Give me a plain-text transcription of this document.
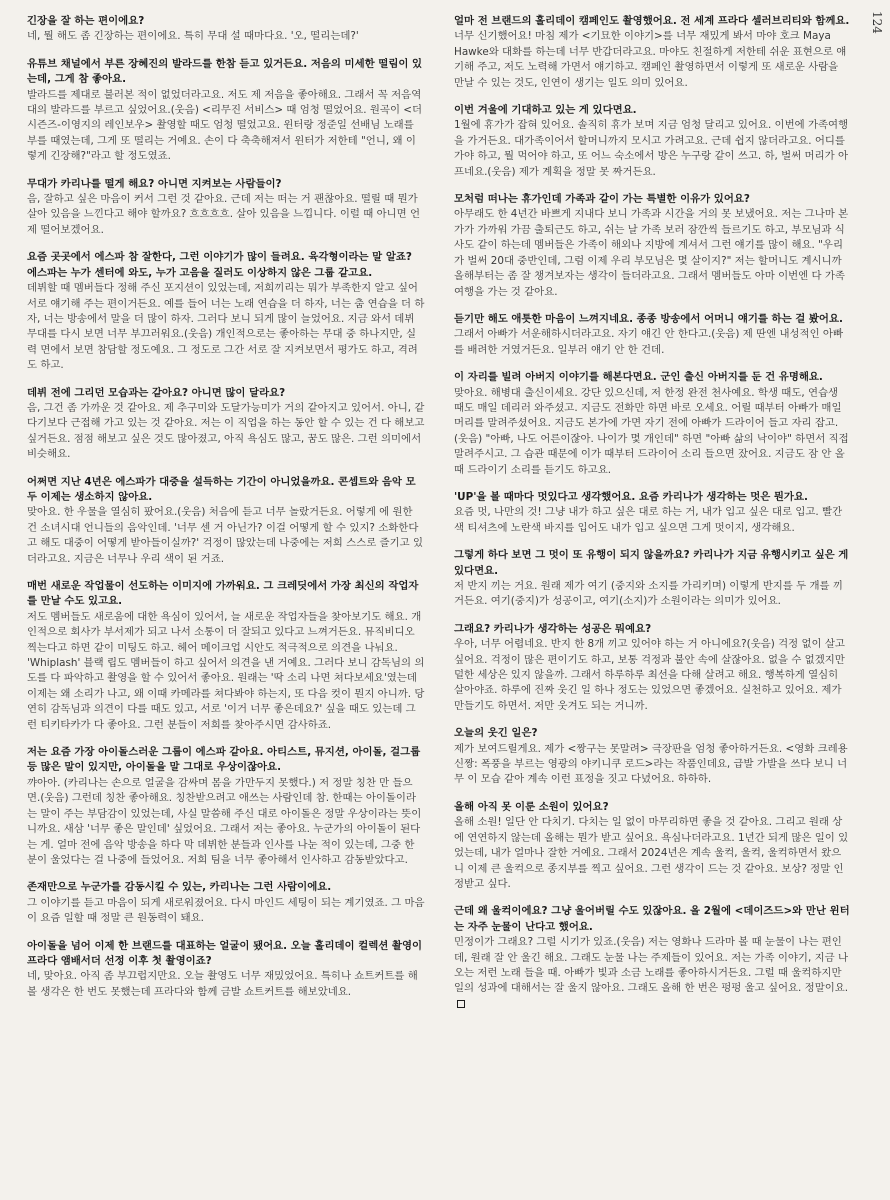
124

긴장을 잘 하는 편이에요?

네, 뭘 해도 좀 긴장하는 편이에요. 특히 무대 설 때마다요. '오, 떨리는데?'

유튜브 채널에서 부른 장혜진의 발라드를 한참 듣고 있거든요. 저음의 미세한 떨림이 있는데, 그게 참 좋아요.

발라드를 제대로 불러본 적이 없었더라고요. 저도 제 저음을 좋아해요. 그래서 꼭 저음역대의 발라드를 부르고 싶었어요.(웃음) <리무진 서비스> 때 엄청 떨었어요. 원곡이 <더 시즌즈-이영지의 레인보우> 촬영할 때도 엄청 떨었고요. 윈터랑 정준일 선배님 노래를 부를 때였는데, 그게 또 떨리는 거예요. 손이 다 축축해져서 윈터가 저한테 "언니, 왜 이렇게 긴장해?"라고 할 정도였죠.

무대가 카리나를 떨게 해요? 아니면 지켜보는 사람들이?

음, 잘하고 싶은 마음이 커서 그런 것 같아요. 근데 저는 떠는 거 괜찮아요. 떨릴 때 뭔가 살아 있음을 느낀다고 해야 할까요? 흐흐흐흐. 살아 있음을 느낍니다. 이럴 때 아니면 언제 떨어보겠어요.

요즘 곳곳에서 에스파 참 잘한다, 그런 이야기가 많이 들려요. 육각형이라는 말 알죠? 에스파는 누가 센터에 와도, 누가 고음을 질러도 이상하지 않은 그룹 같고요.

데뷔할 때 멤버들다 정해 주신 포지션이 있었는데, 저희끼리는 뭐가 부족한지 알고 싶어 서로 얘기해 주는 편이거든요. 예를 들어 너는 노래 연습을 더 하자, 너는 춤 연습을 더 하자, 너는 방송에서 말을 더 많이 하자. 그러다 보니 되게 많이 늘었어요. 지금 와서 데뷔 무대를 다시 보면 너무 부끄러워요.(웃음) 개인적으로는 좋아하는 무대 중 하나지만, 실력 면에서 보면 참담할 정도예요. 그 정도로 그간 서로 잘 지켜보면서 평가도 하고, 격려도 하고.

데뷔 전에 그리던 모습과는 같아요? 아니면 많이 달라요?

음, 그건 좀 가까운 것 같아요. 제 추구미와 도달가능미가 거의 같아지고 있어서. 아니, 같다기보다 근접해 가고 있는 것 같아요. 저는 이 직업을 하는 동안 할 수 있는 건 다 해보고 싶거든요. 점점 해보고 싶은 것도 많아졌고, 아직 욕심도 많고, 꿈도 많은. 그런 의미에서 비슷해요.

어쩌면 지난 4년은 에스파가 대중을 설득하는 기간이 아니었을까요. 콘셉트와 음악 모두 이제는 생소하지 않아요.

맞아요. 한 우물을 열심히 팠어요.(웃음) 처음에 듣고 너무 놀랐거든요. 어렇게 에 원한 건 소녀시대 언니들의 음악인데. '너무 센 거 아닌가? 이걸 어떻게 할 수 있지? 소화한다고 해도 대중이 어떻게 받아들이실까?' 걱정이 많았는데 나중에는 저희 스스로 즐기고 있더라고요. 지금은 너무나 우리 색이 된 거죠.

매번 새로운 작업물이 선도하는 이미지에 가까워요. 그 크레딧에서 가장 최신의 작업자를 만날 수도 있고요.

저도 멤버들도 새로움에 대한 욕심이 있어서, 늘 새로운 작업자들을 찾아보기도 해요. 개인적으로 회사가 부서제가 되고 나서 소통이 더 잘되고 있다고 느껴거든요. 뮤직비디오 찍는다고 하면 같이 미팅도 하고. 헤어 메이크업 시안도 적극적으로 의견을 나눠요. 'Whiplash' 블랙 립도 멤버들이 하고 싶어서 의견을 낸 거예요. 그러다 보니 감독님의 의도를 다 파악하고 촬영을 할 수 있어서 좋아요. 원래는 '딱 소리 나면 쳐다보세요'였는데 이제는 왜 소리가 나고, 왜 이때 카메라를 쳐다봐야 하는지, 또 다음 컷이 뭔지 아니까. 당연히 감독님과 의견이 다를 때도 있고, 서로 '이거 너무 좋은데요?' 싶을 때도 있는데 그런 티키타카가 다 좋아요. 그런 분들이 저희를 찾아주시면 감사하죠.

저는 요즘 가장 아이돌스러운 그룹이 에스파 같아요. 아티스트, 뮤지션, 아이돌, 걸그룹 등 많은 말이 있지만, 아이돌을 말 그대로 우상이잖아요.

꺄아아. (카리나는 손으로 얼굴을 감싸며 몸을 가만두지 못했다.) 저 정말 칭찬 만 들으면.(웃음) 그런데 칭찬 좋아해요. 칭찬받으려고 애쓰는 사람인데 참. 한때는 아이돌이라는 말이 주는 부담감이 있었는데, 사실 말씀해 주신 대로 아이돌은 정말 우상이라는 뜻이니까요. 새삼 '너무 좋은 말인데' 싶었어요. 그래서 저는 좋아요. 누군가의 아이돌이 된다는 게. 얼마 전에 음악 방송을 하다 막 데뷔한 분들과 인사를 나눈 적이 있는데, 그중 한 분이 울었다는 걸 나중에 들었어요. 저희 팀을 너무 좋아해서 인사하고 감동받았다고.

존재만으로 누군가를 감동시킬 수 있는, 카리나는 그런 사람이에요.

그 이야기를 듣고 마음이 되게 새로워졌어요. 다시 마인드 세팅이 되는 계기였죠. 그 마음이 요즘 일할 때 정말 큰 원동력이 돼요.

아이돌을 넘어 이제 한 브랜드를 대표하는 얼굴이 됐어요. 오늘 홀리데이 컬렉션 촬영이 프라다 앰배서더 선정 이후 첫 촬영이죠?

네, 맞아요. 아직 좀 부끄럽지만요. 오늘 촬영도 너무 재밌었어요. 특히나 쇼트커트를 해볼 생각은 한 번도 못했는데 프라다와 함께 금발 쇼트커트를 해보았네요.

얼마 전 브랜드의 홀리데이 캠페인도 촬영했어요. 전 세계 프라다 셀러브리티와 함께요.

너무 신기했어요! 마침 제가 <기묘한 이야기>를 너무 재밌게 봐서 마야 호크 Maya Hawke와 대화를 하는데 너무 반갑더라고요. 마야도 친절하게 저한테 쉬운 표현으로 얘기해 주고, 저도 노력해 가면서 얘기하고. 캠페인 촬영하면서 이렇게 또 새로운 사람을 만날 수 있는 것도, 인연이 생기는 일도 의미 있어요.

이번 겨울에 기대하고 있는 게 있다면요.

1월에 휴가가 잡혀 있어요. 솔직히 휴가 보며 지금 엄청 달리고 있어요. 이번에 가족여행을 가거든요. 대가족이어서 할머니까지 모시고 가려고요. 근데 쉽지 않더라고요. 어디를 가야 하고, 뭘 먹어야 하고, 또 어느 숙소에서 방은 누구랑 같이 쓰고. 하, 벌써 머리가 아프네요.(웃음) 제가 계획을 정말 못 짜거든요.

모처럼 떠나는 휴가인데 가족과 같이 가는 특별한 이유가 있어요?

아무래도 한 4년간 바쁘게 지내다 보니 가족과 시간을 거의 못 보냈어요. 저는 그나마 본가가 가까워 가끔 출퇴근도 하고, 쉬는 날 가족 보러 잠깐씩 들르기도 하고, 부모님과 식사도 같이 하는데 멤버들은 가족이 해외나 지방에 계셔서 그런 얘기를 많이 해요. "우리가 벌써 20대 중반인데, 그럼 이제 우리 부모님은 몇 살이지?" 저는 할머니도 계시니까 올해부터는 좀 잘 챙겨보자는 생각이 들더라고요. 그래서 멤버들도 아마 이번엔 다 가족여행을 가는 것 같아요.

듣기만 해도 애틋한 마음이 느껴지네요. 종종 방송에서 어머니 얘기를 하는 걸 봤어요.

그래서 아빠가 서운해하시더라고요. 자기 얘긴 안 한다고.(웃음) 제 딴엔 내성적인 아빠를 배려한 거였거든요. 일부러 얘기 안 한 건데.

이 자리를 빌려 아버지 이야기를 해본다면요. 군인 출신 아버지를 둔 건 유명해요.

맞아요. 해병대 출신이세요. 강단 있으신데, 저 한정 완전 천사예요. 학생 때도, 연습생 때도 매일 데리러 와주셨고. 지금도 전화만 하면 바로 오세요. 어릴 때부터 아빠가 매일 머리를 말려주셨어요. 지금도 본가에 가면 자기 전에 아빠가 드라이어 들고 자리 잡고.(웃음) "아빠, 나도 어른이잖아. 나이가 몇 개인데" 하면 "아빠 삶의 낙이야" 하면서 직접 말려주시고. 그 습관 때문에 이가 때부터 드라이어 소리 들으면 잤어요. 지금도 잠 안 올 때 드라이기 소리를 듣기도 하고요.

'UP'을 볼 때마다 멋있다고 생각했어요. 요즘 카리나가 생각하는 멋은 뭔가요.

요즘 멋, 나만의 것! 그냥 내가 하고 싶은 대로 하는 거, 내가 입고 싶은 대로 입고. 빨간색 티셔츠에 노란색 바지를 입어도 내가 입고 싶으면 그게 멋이지, 생각해요.

그렇게 하다 보면 그 멋이 또 유행이 되지 않을까요? 카리나가 지금 유행시키고 싶은 게 있다면요.

저 반지 끼는 거요. 원래 제가 여기 (중지와 소지를 가리키며) 이렇게 반지를 두 개를 끼거든요. 여기(중지)가 성공이고, 여기(소지)가 소원이라는 의미가 있어요.

그래요? 카리나가 생각하는 성공은 뭐예요?

우아, 너무 어렵네요. 반지 한 8개 끼고 있어야 하는 거 아니에요?(웃음) 걱정 없이 살고 싶어요. 걱정이 많은 편이기도 하고, 보통 걱정과 불안 속에 살잖아요. 없을 수 없겠지만 덜한 세상은 있지 않을까. 그래서 하루하루 최선을 다해 살려고 해요. 행복하게 열심히 살아야죠. 하루에 진짜 웃긴 일 하나 정도는 있었으면 좋겠어요. 실천하고 있어요. 제가 만들기도 하면서. 저만 웃겨도 되는 거니까.

오늘의 웃긴 일은?

제가 보여드릴게요. 제가 <짱구는 못말려> 극장판을 엄청 좋아하거든요. <영화 크레용 신짱: 폭풍을 부르는 영광의 야키니쿠 로드>라는 작품인데요, 급발 가발을 쓰다 보니 너무 이 모습 같아 계속 이런 표정을 짓고 다녔어요. 하하하.

올해 아직 못 이룬 소원이 있어요?

올해 소원! 일단 안 다치기. 다치는 일 없이 마무리하면 좋을 것 같아요. 그리고 원래 상에 연연하지 않는데 올해는 뭔가 받고 싶어요. 욕심나더라고요. 1년간 되게 많은 일이 있었는데, 내가 얼마나 잘한 거예요. 그래서 2024년은 계속 울컥, 울컥, 울컥하면서 왔으니 이제 큰 울컥으로 종지부를 찍고 싶어요. 그런 생각이 드는 것 같아요. 보상? 정말 인정받고 싶다.

근데 왜 울컥이에요? 그냥 울어버릴 수도 있잖아요. 올 2월에 <데이즈드>와 만난 윈터는 자주 눈물이 난다고 했어요.

민정이가 그래요? 그럴 시기가 있죠.(웃음) 저는 영화나 드라마 볼 때 눈물이 나는 편인데, 원래 잘 안 울긴 해요. 그래도 눈물 나는 주제들이 있어요. 저는 가족 이야기, 지금 나오는 저런 노래 들을 때. 아빠가 빛과 소금 노래를 좋아하시거든요. 그럴 때 울컥하지만 일의 성과에 대해서는 잘 울지 않아요. 그래도 올해 한 번은 펑펑 울고 싶어요. 정말이요.
